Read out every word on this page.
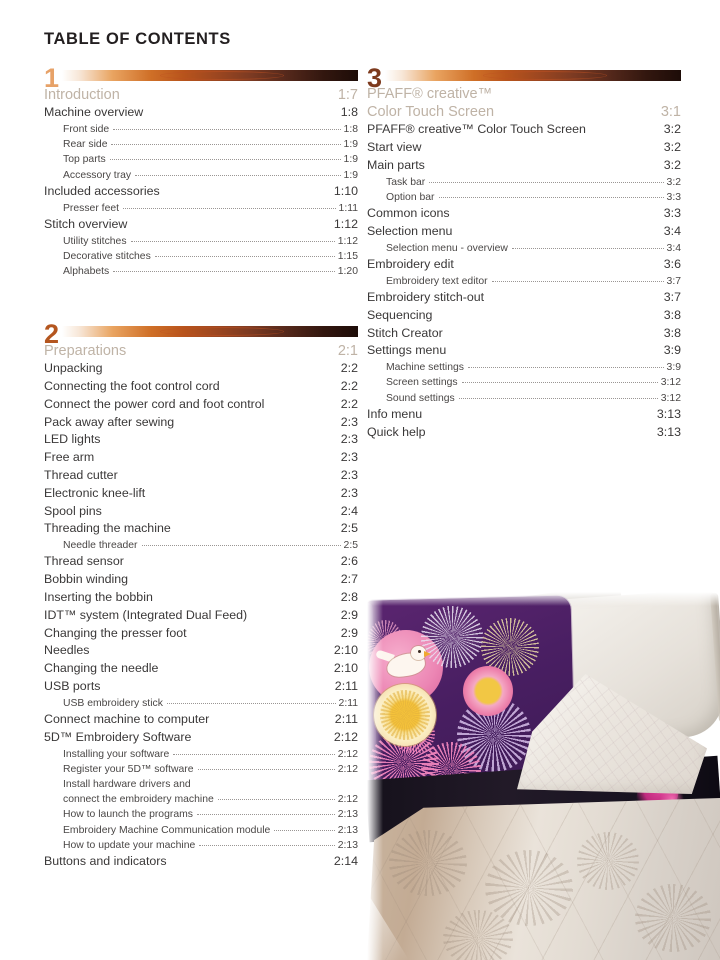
TABLE OF CONTENTS
1
Introduction	1:7
Machine overview	1:8
Front side	1:8
Rear side	1:9
Top parts	1:9
Accessory tray	1:9
Included accessories	1:10
Presser feet	1:11
Stitch overview	1:12
Utility stitches	1:12
Decorative stitches	1:15
Alphabets	1:20
2
Preparations	2:1
Unpacking	2:2
Connecting the foot control cord	2:2
Connect the power cord and foot control	2:2
Pack away after sewing	2:3
LED lights	2:3
Free arm	2:3
Thread cutter	2:3
Electronic knee-lift	2:3
Spool pins	2:4
Threading the machine	2:5
Needle threader	2:5
Thread sensor	2:6
Bobbin winding	2:7
Inserting the bobbin	2:8
IDT™ system (Integrated Dual Feed)	2:9
Changing the presser foot	2:9
Needles	2:10
Changing the needle	2:10
USB ports	2:11
USB embroidery stick	2:11
Connect machine to computer	2:11
5D™ Embroidery Software	2:12
Installing your software	2:12
Register your 5D™ software	2:12
Install hardware drivers and
connect the embroidery machine	2:12
How to launch the programs	2:13
Embroidery Machine Communication module	2:13
How to update your machine	2:13
Buttons and indicators	2:14
3
PFAFF® creative™
Color Touch Screen	3:1
PFAFF® creative™ Color Touch Screen	3:2
Start view	3:2
Main parts	3:2
Task bar	3:2
Option bar	3:3
Common icons	3:3
Selection menu	3:4
Selection menu - overview	3:4
Embroidery edit	3:6
Embroidery text editor	3:7
Embroidery stitch-out	3:7
Sequencing	3:8
Stitch Creator	3:8
Settings menu	3:9
Machine settings	3:9
Screen settings	3:12
Sound settings	3:12
Info menu	3:13
Quick help	3:13
